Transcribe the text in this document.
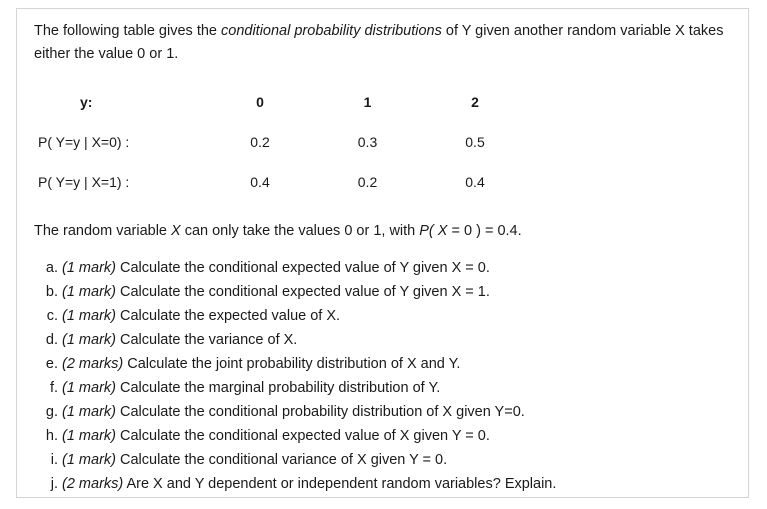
The following table gives the conditional probability distributions of Y given another random variable X takes either the value 0 or 1.
y:	0	1	2
P( Y=y | X=0) :	0.2	0.3	0.5
P( Y=y | X=1) :	0.4	0.2	0.4
The random variable X can only take the values 0 or 1, with P( X = 0 ) = 0.4.
a. (1 mark) Calculate the conditional expected value of Y given X = 0.
b. (1 mark) Calculate the conditional expected value of Y given X = 1.
c. (1 mark) Calculate the expected value of X.
d. (1 mark) Calculate the variance of X.
e. (2 marks) Calculate the joint probability distribution of X and Y.
f. (1 mark) Calculate the marginal probability distribution of Y.
g. (1 mark) Calculate the conditional probability distribution of X given Y=0.
h. (1 mark) Calculate the conditional expected value of X given Y = 0.
i. (1 mark) Calculate the conditional variance of X given Y = 0.
j. (2 marks) Are X and Y dependent or independent random variables? Explain.
